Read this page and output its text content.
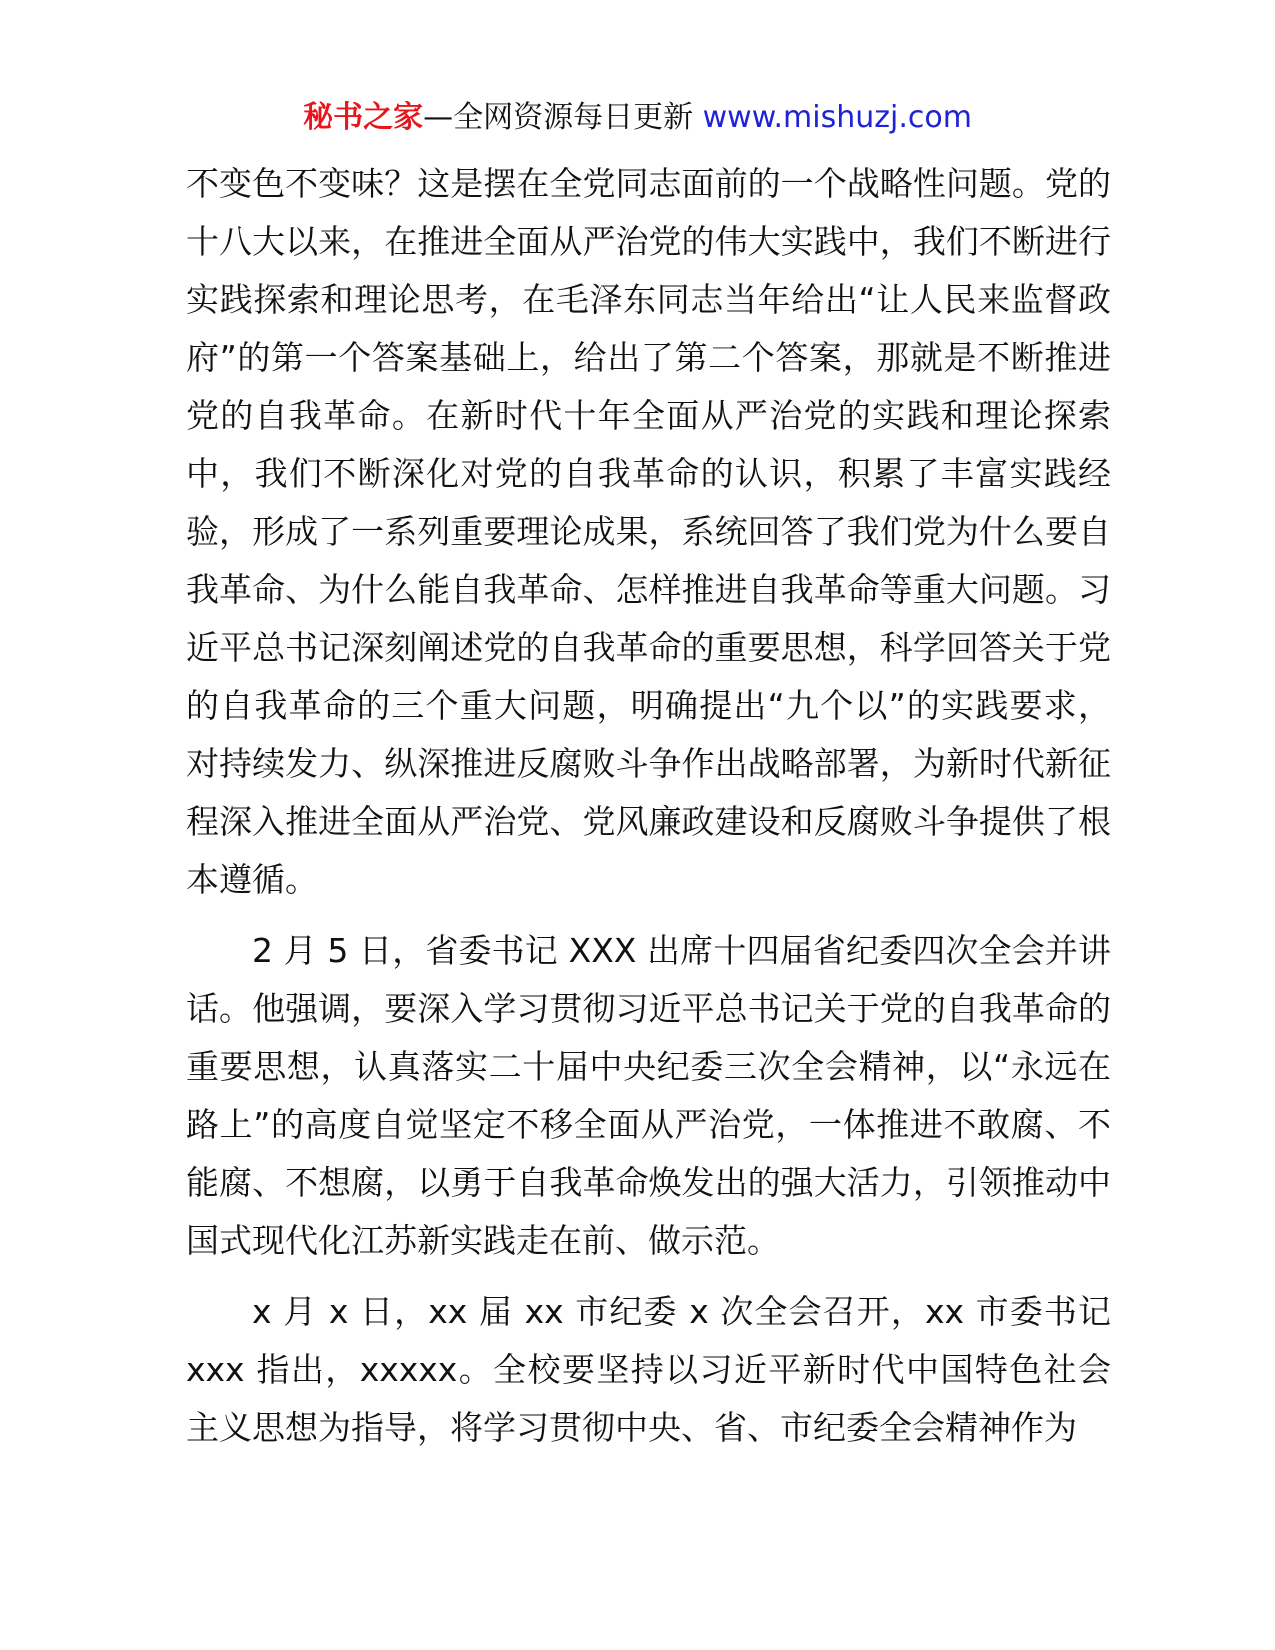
秘书之家—全网资源每日更新 www.mishuzj.com

不变色不变味？这是摆在全党同志面前的一个战略性问题。党的十八大以来，在推进全面从严治党的伟大实践中，我们不断进行实践探索和理论思考，在毛泽东同志当年给出“让人民来监督政府”的第一个答案基础上，给出了第二个答案，那就是不断推进党的自我革命。在新时代十年全面从严治党的实践和理论探索中，我们不断深化对党的自我革命的认识，积累了丰富实践经验，形成了一系列重要理论成果，系统回答了我们党为什么要自我革命、为什么能自我革命、怎样推进自我革命等重大问题。习近平总书记深刻阐述党的自我革命的重要思想，科学回答关于党的自我革命的三个重大问题，明确提出“九个以”的实践要求，对持续发力、纵深推进反腐败斗争作出战略部署，为新时代新征程深入推进全面从严治党、党风廉政建设和反腐败斗争提供了根本遵循。

2 月 5 日，省委书记 XXX 出席十四届省纪委四次全会并讲话。他强调，要深入学习贯彻习近平总书记关于党的自我革命的重要思想，认真落实二十届中央纪委三次全会精神，以“永远在路上”的高度自觉坚定不移全面从严治党，一体推进不敢腐、不能腐、不想腐，以勇于自我革命焕发出的强大活力，引领推动中国式现代化江苏新实践走在前、做示范。

x 月 x 日，xx 届 xx 市纪委 x 次全会召开，xx 市委书记 xxx 指出，xxxxx。全校要坚持以习近平新时代中国特色社会主义思想为指导，将学习贯彻中央、省、市纪委全会精神作为
